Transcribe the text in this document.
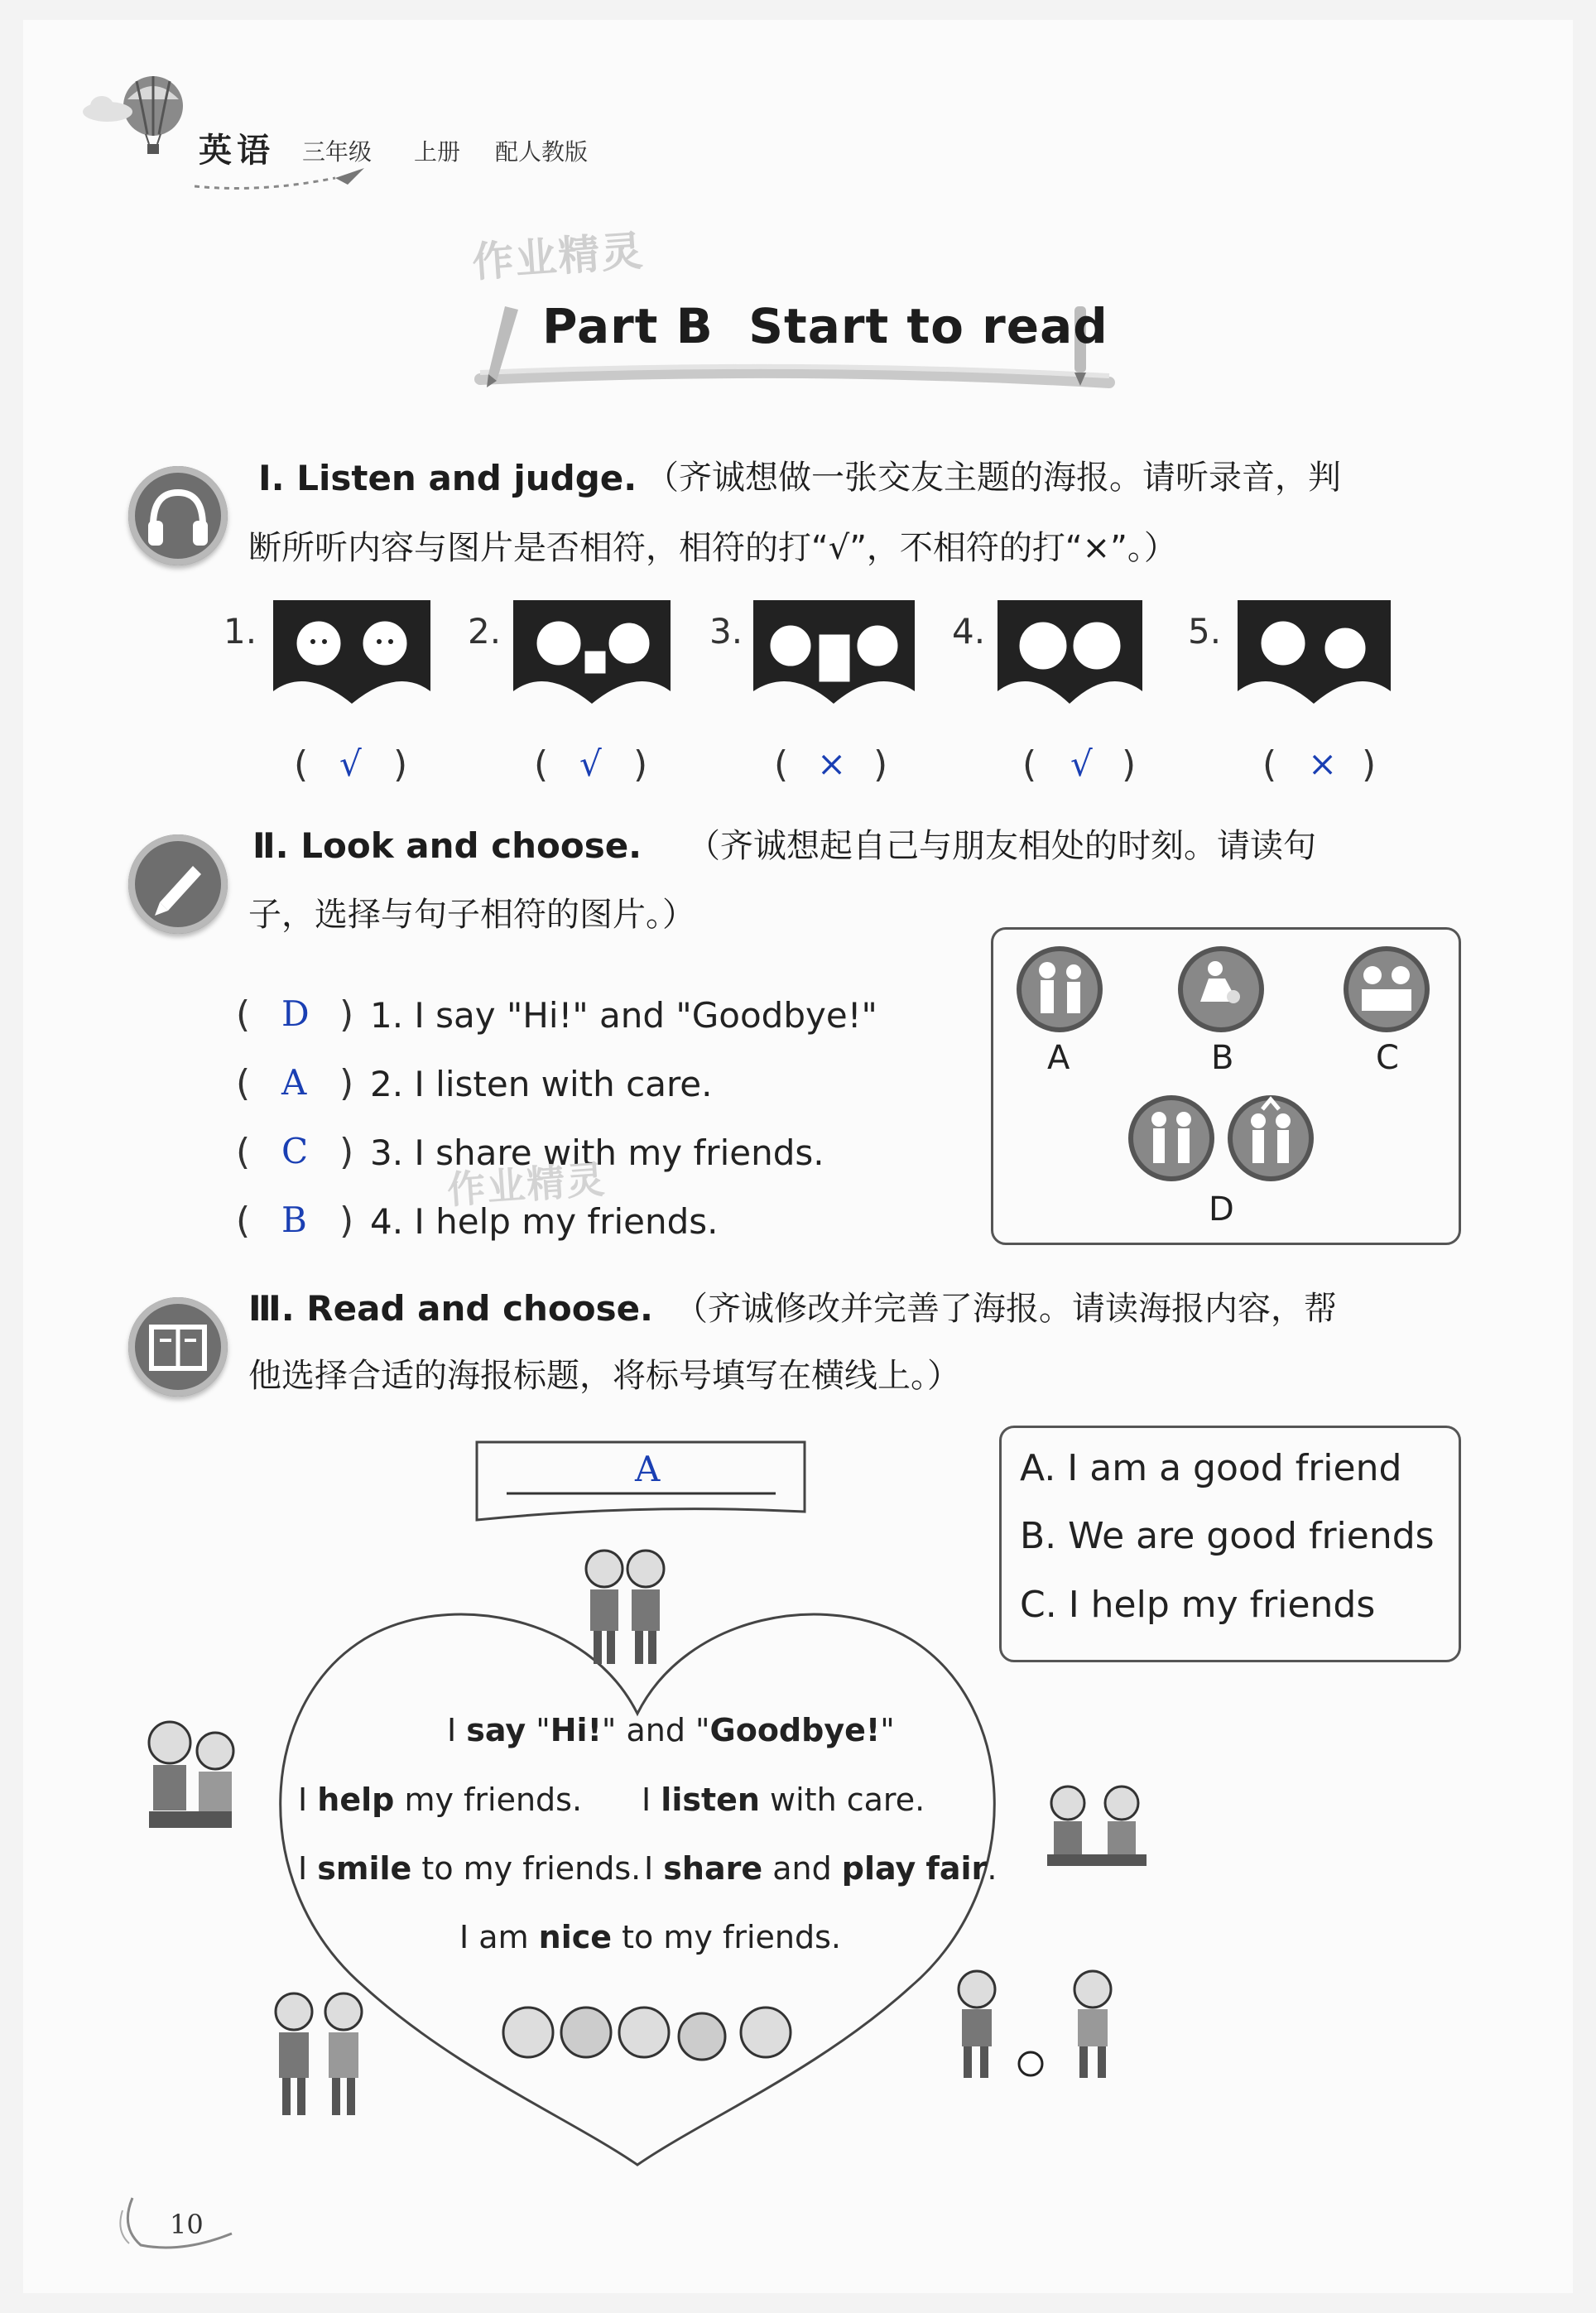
英语 三年级 上册 配人教版
作业精灵
Part B  Start to read
Ⅰ. Listen and judge. （齐诚想做一张交友主题的海报。请听录音，判
断所听内容与图片是否相符，相符的打“√”，不相符的打“×”。）
1.	2.	3.	4.	5.
( √ )	( √ )	( × )	( √ )	( × )
Ⅱ. Look and choose. （齐诚想起自己与朋友相处的时刻。请读句
子，选择与句子相符的图片。）
( D ) 1. I say "Hi!" and "Goodbye!"
( A ) 2. I listen with care.
( C ) 3. I share with my friends.
( B ) 4. I help my friends.
作业精灵
A	B	C
D
Ⅲ. Read and choose. （齐诚修改并完善了海报。请读海报内容，帮
他选择合适的海报标题，将标号填写在横线上。）
A	A. I am a good friend
B. We are good friends
C. I help my friends
I say "Hi!" and "Goodbye!"
I help my friends. I listen with care.
I smile to my friends. I share and play fair.
I am nice to my friends.
10
